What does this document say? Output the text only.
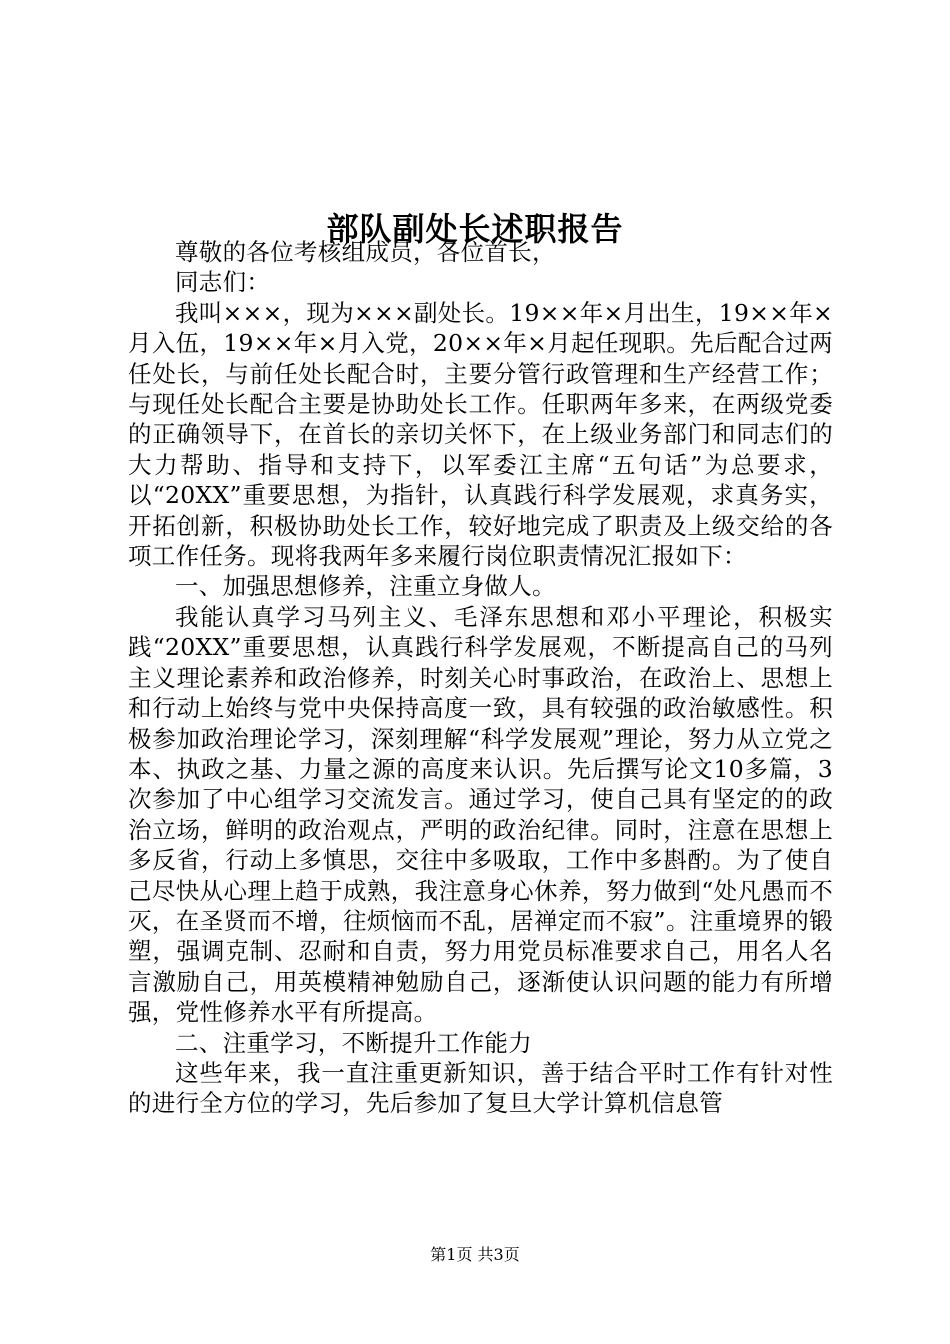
部队副处长述职报告

尊敬的各位考核组成员，各位首长，

同志们：

我叫×××，现为×××副处长。19××年×月出生，19××年×月入伍，19××年×月入党，20××年×月起任现职。先后配合过两任处长，与前任处长配合时，主要分管行政管理和生产经营工作；与现任处长配合主要是协助处长工作。任职两年多来，在两级党委的正确领导下，在首长的亲切关怀下，在上级业务部门和同志们的大力帮助、指导和支持下，以军委江主席“五句话”为总要求，以“20XX”重要思想，为指针，认真践行科学发展观，求真务实，开拓创新，积极协助处长工作，较好地完成了职责及上级交给的各项工作任务。现将我两年多来履行岗位职责情况汇报如下：

一、加强思想修养，注重立身做人。

我能认真学习马列主义、毛泽东思想和邓小平理论，积极实践“20XX”重要思想，认真践行科学发展观，不断提高自己的马列主义理论素养和政治修养，时刻关心时事政治，在政治上、思想上和行动上始终与党中央保持高度一致，具有较强的政治敏感性。积极参加政治理论学习，深刻理解“科学发展观”理论，努力从立党之本、执政之基、力量之源的高度来认识。先后撰写论文10多篇，3次参加了中心组学习交流发言。通过学习，使自己具有坚定的的政治立场，鲜明的政治观点，严明的政治纪律。同时，注意在思想上多反省，行动上多慎思，交往中多吸取，工作中多斟酌。为了使自己尽快从心理上趋于成熟，我注意身心休养，努力做到“处凡愚而不灭，在圣贤而不增，往烦恼而不乱，居禅定而不寂”。注重境界的锻塑，强调克制、忍耐和自责，努力用党员标准要求自己，用名人名言激励自己，用英模精神勉励自己，逐渐使认识问题的能力有所增强，党性修养水平有所提高。

二、注重学习，不断提升工作能力

这些年来，我一直注重更新知识，善于结合平时工作有针对性的进行全方位的学习，先后参加了复旦大学计算机信息管

第1页 共3页
